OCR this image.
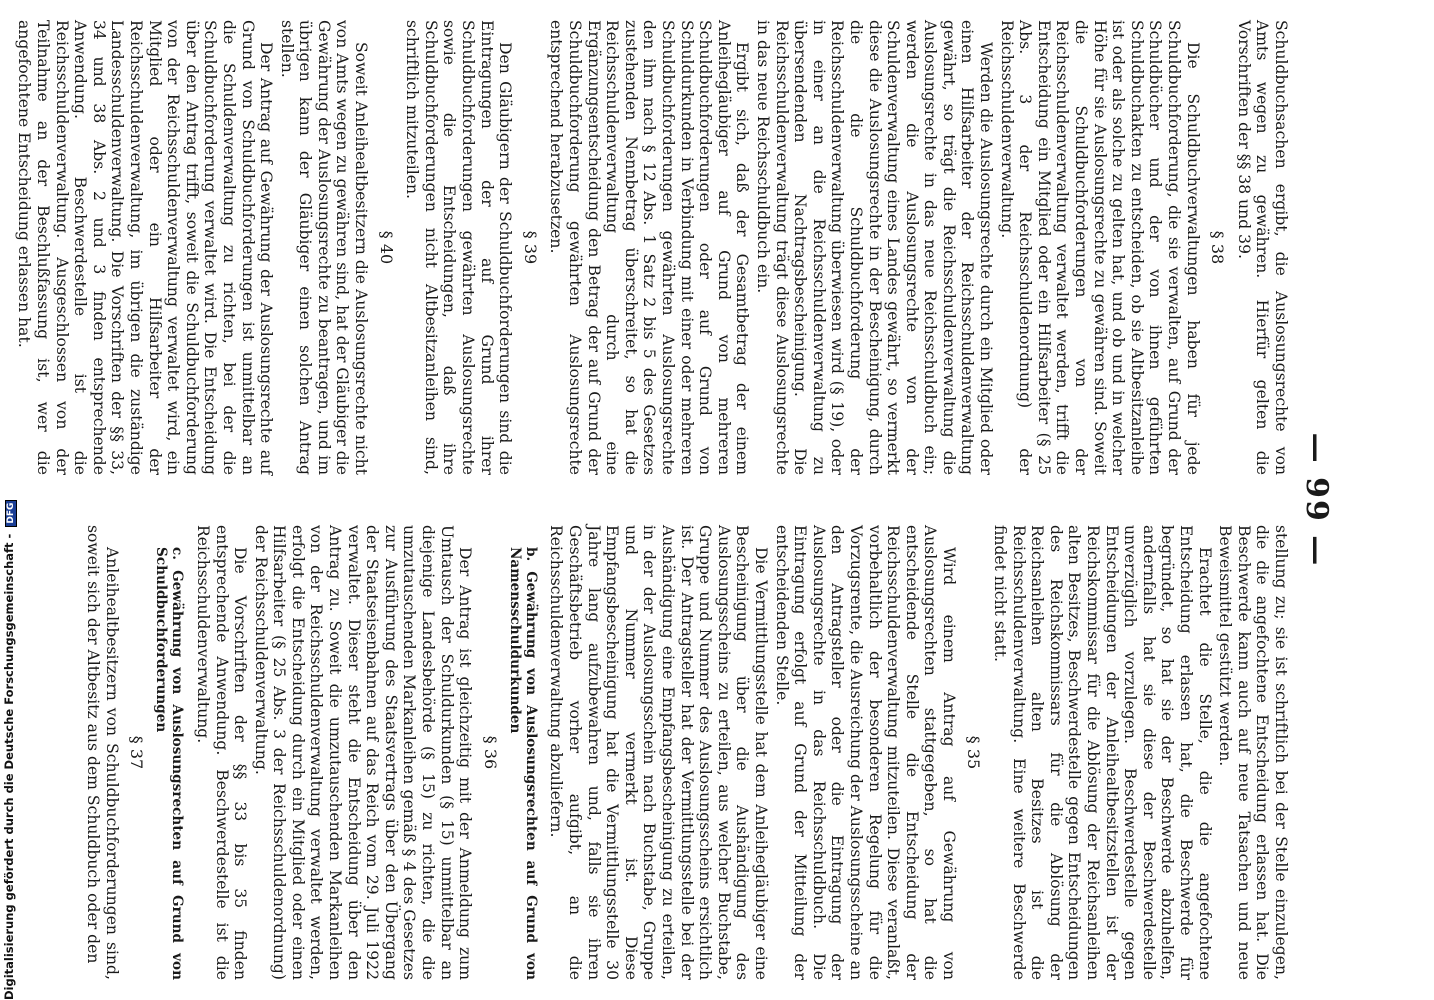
— 99 —

Schuldbuchsachen ergibt, die Auslosungsrechte von Amts wegen zu gewähren. Hierfür gelten die Vorschriften der §§ 38 und 39.

§ 38

Die Schuldbuchverwaltungen haben für jede Schuldbuchforderung, die sie verwalten, auf Grund der Schuldbücher und der von ihnen geführten Schuldbuchakten zu entscheiden, ob sie Altbesitzanleihe ist oder als solche zu gelten hat, und ob und in welcher Höhe für sie Auslosungsrechte zu gewähren sind. Soweit die Schuldbuchforderungen von der Reichsschuldenverwaltung verwaltet werden, trifft die Entscheidung ein Mitglied oder ein Hilfsarbeiter (§ 25 Abs. 3 der Reichsschuldenordnung) der Reichsschuldenverwaltung.

Werden die Auslosungsrechte durch ein Mitglied oder einen Hilfsarbeiter der Reichsschuldenverwaltung gewährt, so trägt die Reichsschuldenverwaltung die Auslosungsrechte in das neue Reichsschuldbuch ein; werden die Auslosungsrechte von der Schuldenverwaltung eines Landes gewährt, so vermerkt diese die Auslosungsrechte in der Bescheinigung, durch die die Schuldbuchforderung der Reichsschuldenverwaltung überwiesen wird (§ 19), oder in einer an die Reichsschuldenverwaltung zu übersendenden Nachtragsbescheinigung. Die Reichsschuldenverwaltung trägt diese Auslosungsrechte in das neue Reichsschuldbuch ein.

Ergibt sich, daß der Gesamtbetrag der einem Anleihegläubiger auf Grund von mehreren Schuldbuchforderungen oder auf Grund von Schuldurkunden in Verbindung mit einer oder mehreren Schuldbuchforderungen gewährten Auslosungsrechte den ihm nach § 12 Abs. 1 Satz 2 bis 5 des Gesetzes zustehenden Nennbetrag überschreitet, so hat die Reichsschuldenverwaltung durch eine Ergänzungsentscheidung den Betrag der auf Grund der Schuldbuchforderung gewährten Auslosungsrechte entsprechend herabzusetzen.

§ 39

Den Gläubigern der Schuldbuchforderungen sind die Eintragungen der auf Grund ihrer Schuldbuchforderungen gewährten Auslosungsrechte sowie die Entscheidungen, daß ihre Schuldbuchforderungen nicht Altbesitzanleihen sind, schriftlich mitzuteilen.

§ 40

Soweit Anleihealtbesitzern die Auslosungsrechte nicht von Amts wegen zu gewähren sind, hat der Gläubiger die Gewährung der Auslosungsrechte zu beantragen, und im übrigen kann der Gläubiger einen solchen Antrag stellen.

Der Antrag auf Gewährung der Auslosungsrechte auf Grund von Schuldbuchforderungen ist unmittelbar an die Schuldenverwaltung zu richten, bei der die Schuldbuchforderung verwaltet wird. Die Entscheidung über den Antrag trifft, soweit die Schuldbuchforderung von der Reichsschuldenverwaltung verwaltet wird, ein Mitglied oder ein Hilfsarbeiter der Reichsschuldenverwaltung, im übrigen die zuständige Landesschuldenverwaltung. Die Vorschriften der §§ 33, 34 und 38 Abs. 2 und 3 finden entsprechende Anwendung. Beschwerdestelle ist die Reichsschuldenverwaltung. Ausgeschlossen von der Teilnahme an der Beschlußfassung ist, wer die angefochtene Entscheidung erlassen hat.

stellung zu; sie ist schriftlich bei der Stelle einzulegen, die die angefochtene Entscheidung erlassen hat. Die Beschwerde kann auch auf neue Tatsachen und neue Beweismittel gestützt werden.

Erachtet die Stelle, die die angefochtene Entscheidung erlassen hat, die Beschwerde für begründet, so hat sie der Beschwerde abzuhelfen, andernfalls hat sie diese der Beschwerdestelle unverzüglich vorzulegen. Beschwerdestelle gegen Entscheidungen der Anleihealtbesitzstellen ist der Reichskommissar für die Ablösung der Reichsanleihen alten Besitzes, Beschwerdestelle gegen Entscheidungen des Reichskommissars für die Ablösung der Reichsanleihen alten Besitzes ist die Reichsschuldenverwaltung. Eine weitere Beschwerde findet nicht statt.

§ 35

Wird einem Antrag auf Gewährung von Auslosungsrechten stattgegeben, so hat die entscheidende Stelle die Entscheidung der Reichsschuldenverwaltung mitzuteilen. Diese veranlaßt, vorbehaltlich der besonderen Regelung für die Vorzugsrente, die Ausreichung der Auslosungsscheine an den Antragsteller oder die Eintragung der Auslosungsrechte in das Reichsschuldbuch. Die Eintragung erfolgt auf Grund der Mitteilung der entscheidenden Stelle.

Die Vermittlungsstelle hat dem Anleihegläubiger eine Bescheinigung über die Aushändigung des Auslosungsscheins zu erteilen, aus welcher Buchstabe, Gruppe und Nummer des Auslosungsscheins ersichtlich ist. Der Antragsteller hat der Vermittlungsstelle bei der Aushändigung eine Empfangsbescheinigung zu erteilen, in der der Auslosungsschein nach Buchstabe, Gruppe und Nummer vermerkt ist. Diese Empfangsbescheinigung hat die Vermittlungsstelle 30 Jahre lang aufzubewahren und, falls sie ihren Geschäftsbetrieb vorher aufgibt, an die Reichsschuldenverwaltung abzuliefern.

b. Gewährung von Auslosungsrechten auf Grund von Namensschuldurkunden
§ 36

Der Antrag ist gleichzeitig mit der Anmeldung zum Umtausch der Schuldurkunden (§ 15) unmittelbar an diejenige Landesbehörde (§ 15) zu richten, die die umzutauschenden Markanleihen gemäß § 4 des Gesetzes zur Ausführung des Staatsvertrags über den Übergang der Staatseisenbahnen auf das Reich vom 29. Juli 1922 verwaltet. Dieser steht die Entscheidung über den Antrag zu. Soweit die umzutauschenden Markanleihen von der Reichsschuldenverwaltung verwaltet werden, erfolgt die Entscheidung durch ein Mitglied oder einen Hilfsarbeiter (§ 25 Abs. 3 der Reichsschuldenordnung) der Reichsschuldenverwaltung.

Die Vorschriften der §§ 33 bis 35 finden entsprechende Anwendung. Beschwerdestelle ist die Reichsschuldenverwaltung.

c. Gewährung von Auslosungsrechten auf Grund von Schuldbuchforderungen
§ 37

Anleihealtbesitzern von Schuldbuchforderungen sind, soweit sich der Altbesitz aus dem Schuldbuch oder den

Digitalisierung gefördert durch die Deutsche Forschungsgemeinschaft - DFG
